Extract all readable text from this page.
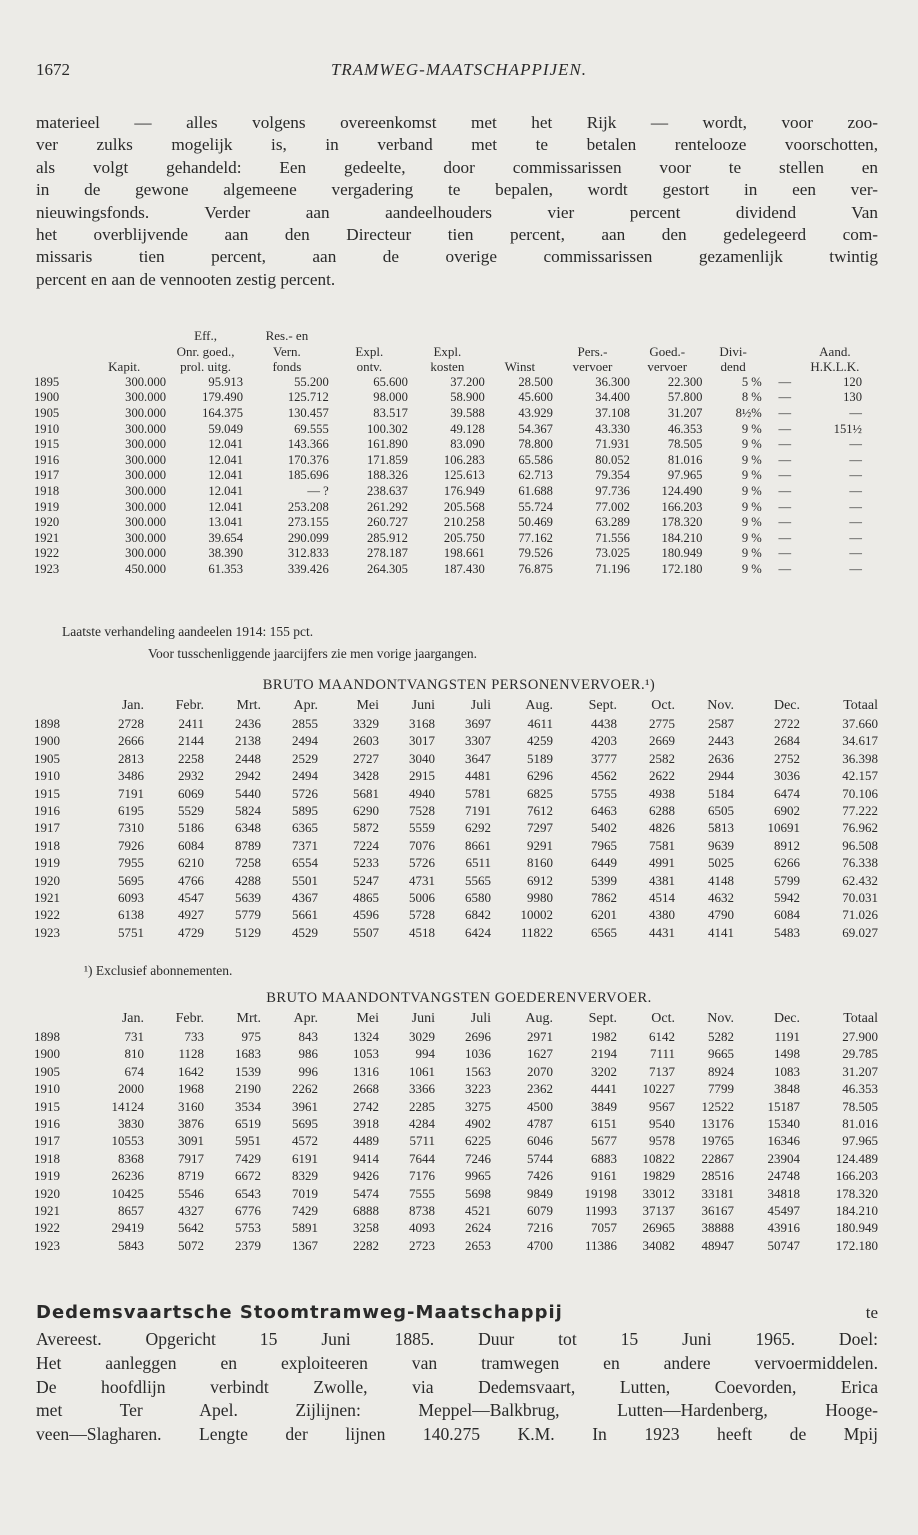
1672	TRAMWEG-MAATSCHAPPIJEN.
materieel — alles volgens overeenkomst met het Rijk — wordt, voor zoo-
ver zulks mogelijk is, in verband met te betalen rentelooze voorschotten,
als volgt gehandeld: Een gedeelte, door commissarissen voor te stellen en
in de gewone algemeene vergadering te bepalen, wordt gestort in een ver-
nieuwingsfonds. Verder aan aandeelhouders vier percent dividend Van
het overblijvende aan den Directeur tien percent, aan den gedelegeerd com-
missaris tien percent, aan de overige commissarissen gezamenlijk twintig
percent en aan de vennooten zestig percent.
		Eff.,	Res.- en								
		Onr. goed.,	Vern.	Expl.	Expl.		Pers.-	Goed.-	Divi-		Aand.
	Kapit.	prol. uitg.	fonds	ontv.	kosten	Winst	vervoer	vervoer	dend		H.K.L.K.
1895	300.000	95.913	55.200	65.600	37.200	28.500	36.300	22.300	5 %	—	120
1900	300.000	179.490	125.712	98.000	58.900	45.600	34.400	57.800	8 %	—	130
1905	300.000	164.375	130.457	83.517	39.588	43.929	37.108	31.207	8½%	—	—
1910	300.000	59.049	69.555	100.302	49.128	54.367	43.330	46.353	9 %	—	151½
1915	300.000	12.041	143.366	161.890	83.090	78.800	71.931	78.505	9 %	—	—
1916	300.000	12.041	170.376	171.859	106.283	65.586	80.052	81.016	9 %	—	—
1917	300.000	12.041	185.696	188.326	125.613	62.713	79.354	97.965	9 %	—	—
1918	300.000	12.041	— ?	238.637	176.949	61.688	97.736	124.490	9 %	—	—
1919	300.000	12.041	253.208	261.292	205.568	55.724	77.002	166.203	9 %	—	—
1920	300.000	13.041	273.155	260.727	210.258	50.469	63.289	178.320	9 %	—	—
1921	300.000	39.654	290.099	285.912	205.750	77.162	71.556	184.210	9 %	—	—
1922	300.000	38.390	312.833	278.187	198.661	79.526	73.025	180.949	9 %	—	—
1923	450.000	61.353	339.426	264.305	187.430	76.875	71.196	172.180	9 %	—	—
Laatste verhandeling aandeelen 1914: 155 pct.
Voor tusschenliggende jaarcijfers zie men vorige jaargangen.
BRUTO MAANDONTVANGSTEN PERSONENVERVOER.¹)
	Jan.	Febr.	Mrt.	Apr.	Mei	Juni	Juli	Aug.	Sept.	Oct.	Nov.	Dec.	Totaal
1898	2728	2411	2436	2855	3329	3168	3697	4611	4438	2775	2587	2722	37.660
1900	2666	2144	2138	2494	2603	3017	3307	4259	4203	2669	2443	2684	34.617
1905	2813	2258	2448	2529	2727	3040	3647	5189	3777	2582	2636	2752	36.398
1910	3486	2932	2942	2494	3428	2915	4481	6296	4562	2622	2944	3036	42.157
1915	7191	6069	5440	5726	5681	4940	5781	6825	5755	4938	5184	6474	70.106
1916	6195	5529	5824	5895	6290	7528	7191	7612	6463	6288	6505	6902	77.222
1917	7310	5186	6348	6365	5872	5559	6292	7297	5402	4826	5813	10691	76.962
1918	7926	6084	8789	7371	7224	7076	8661	9291	7965	7581	9639	8912	96.508
1919	7955	6210	7258	6554	5233	5726	6511	8160	6449	4991	5025	6266	76.338
1920	5695	4766	4288	5501	5247	4731	5565	6912	5399	4381	4148	5799	62.432
1921	6093	4547	5639	4367	4865	5006	6580	9980	7862	4514	4632	5942	70.031
1922	6138	4927	5779	5661	4596	5728	6842	10002	6201	4380	4790	6084	71.026
1923	5751	4729	5129	4529	5507	4518	6424	11822	6565	4431	4141	5483	69.027
¹) Exclusief abonnementen.
BRUTO MAANDONTVANGSTEN GOEDERENVERVOER.
	Jan.	Febr.	Mrt.	Apr.	Mei	Juni	Juli	Aug.	Sept.	Oct.	Nov.	Dec.	Totaal
1898	731	733	975	843	1324	3029	2696	2971	1982	6142	5282	1191	27.900
1900	810	1128	1683	986	1053	994	1036	1627	2194	7111	9665	1498	29.785
1905	674	1642	1539	996	1316	1061	1563	2070	3202	7137	8924	1083	31.207
1910	2000	1968	2190	2262	2668	3366	3223	2362	4441	10227	7799	3848	46.353
1915	14124	3160	3534	3961	2742	2285	3275	4500	3849	9567	12522	15187	78.505
1916	3830	3876	6519	5695	3918	4284	4902	4787	6151	9540	13176	15340	81.016
1917	10553	3091	5951	4572	4489	5711	6225	6046	5677	9578	19765	16346	97.965
1918	8368	7917	7429	6191	9414	7644	7246	5744	6883	10822	22867	23904	124.489
1919	26236	8719	6672	8329	9426	7176	9965	7426	9161	19829	28516	24748	166.203
1920	10425	5546	6543	7019	5474	7555	5698	9849	19198	33012	33181	34818	178.320
1921	8657	4327	6776	7429	6888	8738	4521	6079	11993	37137	36167	45497	184.210
1922	29419	5642	5753	5891	3258	4093	2624	7216	7057	26965	38888	43916	180.949
1923	5843	5072	2379	1367	2282	2723	2653	4700	11386	34082	48947	50747	172.180
Dedemsvaartsche Stoomtramweg-Maatschappij	te
Avereest. Opgericht 15 Juni 1885. Duur tot 15 Juni 1965. Doel:
Het aanleggen en exploiteeren van tramwegen en andere vervoermiddelen.
De hoofdlijn verbindt Zwolle, via Dedemsvaart, Lutten, Coevorden, Erica
met Ter Apel. Zijlijnen: Meppel—Balkbrug, Lutten—Hardenberg, Hooge-
veen—Slagharen. Lengte der lijnen 140.275 K.M. In 1923 heeft de Mpij
